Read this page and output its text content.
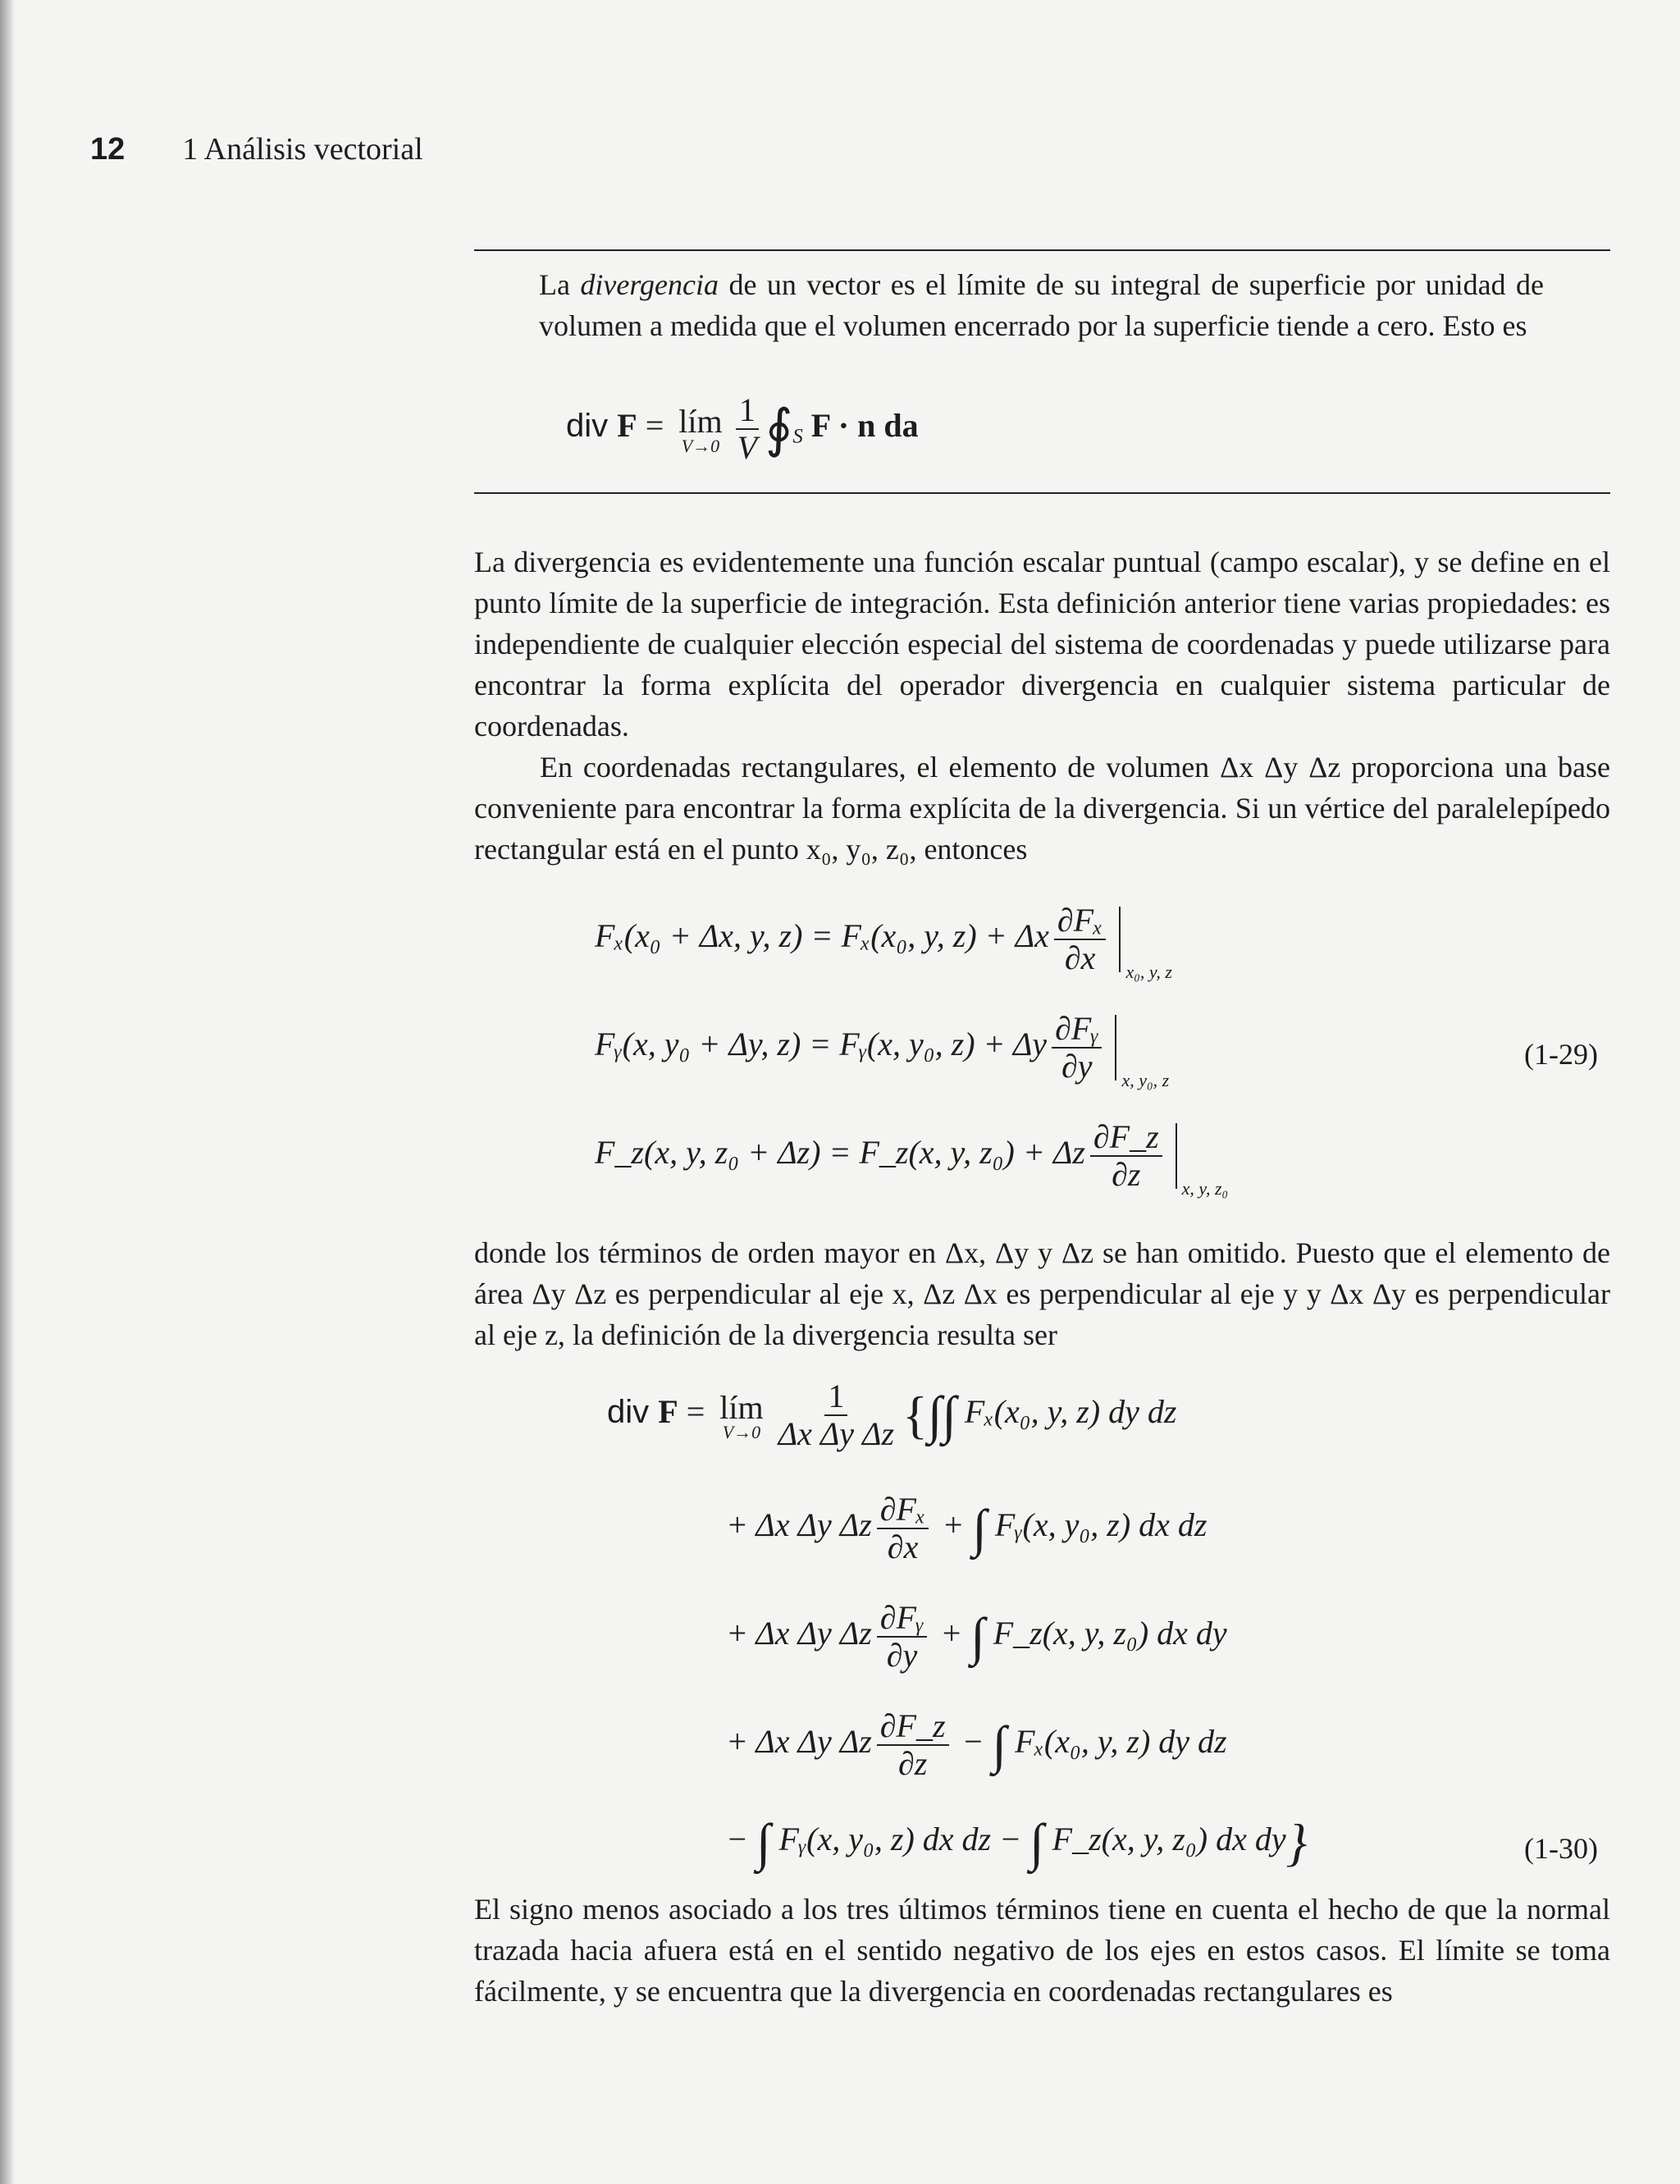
12 1 Análisis vectorial
La divergencia de un vector es el límite de su integral de superficie por unidad de volumen a medida que el volumen encerrado por la superficie tiende a cero. Esto es
div F = lím
$V\to 0 \frac{1}{V}$ $∮_S$ F · n da
La divergencia es evidentemente una función escalar puntual (campo escalar), y se define en el punto límite de la superficie de integración. Esta definición anterior tiene varias propiedades: es independiente de cualquier elección especial del sistema de coordenadas y puede utilizarse para encontrar la forma explícita del operador divergencia en cualquier sistema particular de coordenadas.
En coordenadas rectangulares, el elemento de volumen Δx Δy Δz proporciona una base conveniente para encontrar la forma explícita de la divergencia. Si un vértice del paralelepípedo rectangular está en el punto x₀, y₀, z₀, entonces
Fₓ(x₀ + Δx, y, z) = Fₓ(x₀, y, z) + Δx $\frac{\text{∂Fₓ}}{\partial x} _{x_0, y, z}$
Fᵧ(x, y₀ + Δy, z) = Fᵧ(x, y₀, z) + Δy $\frac{\text{∂Fᵧ}}{\partial y} _{x, y_0, z}$
F_z(x, y, z₀ + Δz) = F_z(x, y, z₀) + Δz $\frac{\partial F\_z}{\partial z} _{x, y, z_0}$
(1-29)
donde los términos de orden mayor en Δx, Δy y Δz se han omitido. Puesto que el elemento de área Δy Δz es perpendicular al eje x, Δz Δx es perpendicular al eje y y Δx Δy es perpendicular al eje z, la definición de la divergencia resulta ser
div F = lím
$V\to 0 \frac{1}{\text{Δx Δy Δz}}$ {∫∫ Fₓ(x₀, y, z) dy dz
+ Δx Δy Δz $\frac{\text{∂Fₓ}}{\partial x}$ + ∫ Fᵧ(x, y₀, z) dx dz
+ Δx Δy Δz $\frac{\text{∂Fᵧ}}{\partial y}$ + ∫ F_z(x, y, z₀) dx dy
+ Δx Δy Δz $\frac{\partial F\_z}{\partial z}$ − ∫ Fₓ(x₀, y, z) dy dz
− ∫ Fᵧ(x, y₀, z) dx dz − ∫ F_z(x, y, z₀) dx dy}	(1-30)
El signo menos asociado a los tres últimos términos tiene en cuenta el hecho de que la normal trazada hacia afuera está en el sentido negativo de los ejes en estos casos. El límite se toma fácilmente, y se encuentra que la divergencia en coordenadas rectangulares es
